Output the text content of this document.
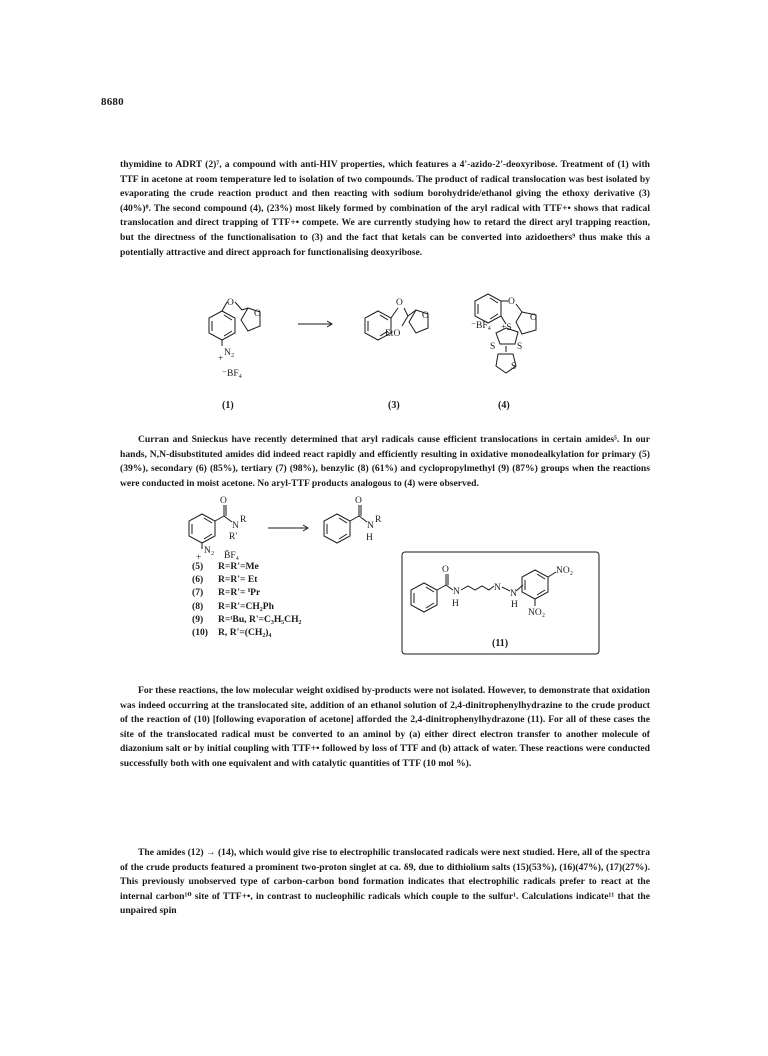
8680

thymidine to ADRT (2)⁷, a compound with anti-HIV properties, which features a 4'-azido-2'-deoxyribose. Treatment of (1) with TTF in acetone at room temperature led to isolation of two compounds. The product of radical translocation was best isolated by evaporating the crude reaction product and then reacting with sodium borohydride/ethanol giving the ethoxy derivative (3) (40%)⁸. The second compound (4), (23%) most likely formed by combination of the aryl radical with TTF+• shows that radical translocation and direct trapping of TTF+• compete. We are currently studying how to retard the direct aryl trapping reaction, but the directness of the functionalisation to (3) and the fact that ketals can be converted into azidoethers⁹ thus make this a potentially attractive and direct approach for functionalising deoxyribose.

O
O
N₂
+
⁻BF₄
(1)
O
O
EtO
(3)
O
O
⁻BF₄ +S
S S
S
(4)

Curran and Snieckus have recently determined that aryl radicals cause efficient translocations in certain amides⁵. In our hands, N,N-disubstituted amides did indeed react rapidly and efficiently resulting in oxidative monodealkylation for primary (5) (39%), secondary (6) (85%), tertiary (7) (98%), benzylic (8) (61%) and cyclopropylmethyl (9) (87%) groups when the reactions were conducted in moist acetone. No aryl-TTF products analogous to (4) were observed.

O
N
R
R'
N₂
+ B̄F₄
O
N
R
H
O
N
H
N
N
H
NO₂
NO₂
(11)
(5) R=R'=Me
(6) R=R'= Et
(7) R=R'= ⁱPr
(8) R=R'=CH₂Ph
(9) R=ᵗBu, R'=C₃H₅CH₂
(10) R, R'=(CH₂)₄

For these reactions, the low molecular weight oxidised by-products were not isolated. However, to demonstrate that oxidation was indeed occurring at the translocated site, addition of an ethanol solution of 2,4-dinitrophenylhydrazine to the crude product of the reaction of (10) [following evaporation of acetone] afforded the 2,4-dinitrophenylhydrazone (11). For all of these cases the site of the translocated radical must be converted to an aminol by (a) either direct electron transfer to another molecule of diazonium salt or by initial coupling with TTF+• followed by loss of TTF and (b) attack of water. These reactions were conducted successfully both with one equivalent and with catalytic quantities of TTF (10 mol %).

The amides (12) → (14), which would give rise to electrophilic translocated radicals were next studied. Here, all of the spectra of the crude products featured a prominent two-proton singlet at ca. δ9, due to dithiolium salts (15)(53%), (16)(47%), (17)(27%). This previously unobserved type of carbon-carbon bond formation indicates that electrophilic radicals prefer to react at the internal carbon¹⁰ site of TTF+•, in contrast to nucleophilic radicals which couple to the sulfur¹. Calculations indicate¹¹ that the unpaired spin
